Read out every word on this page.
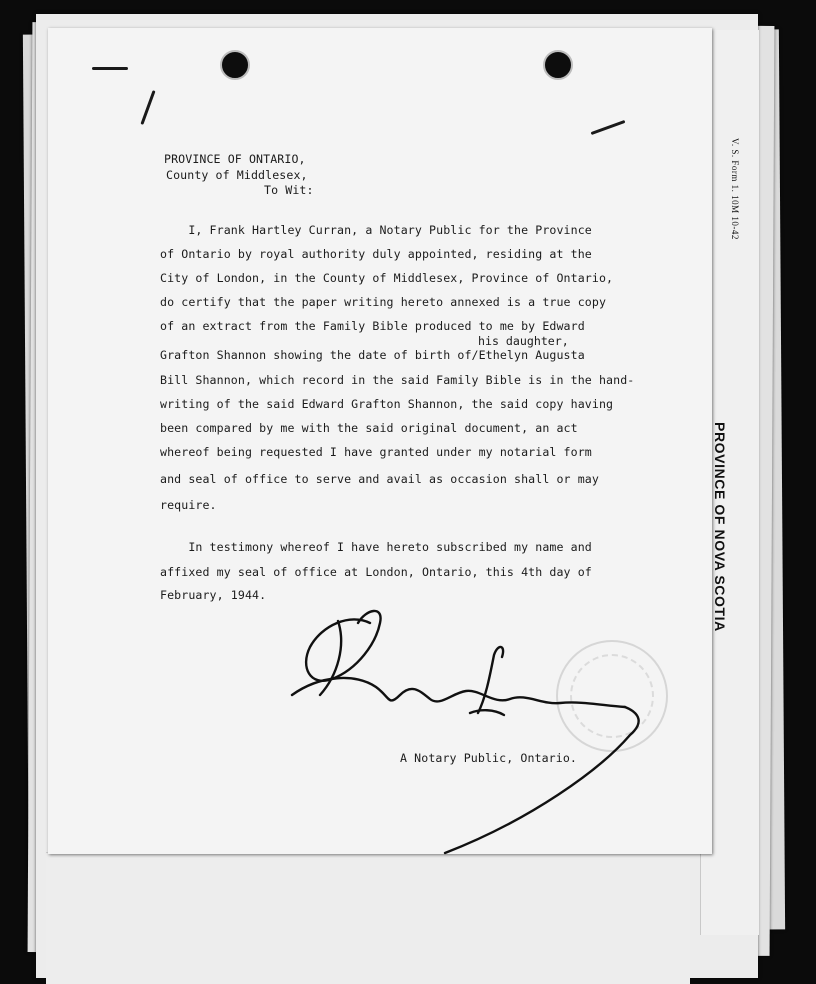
V. S. Form 1. 10M 10-42
PROVINCE OF NOVA SCOTIA
PROVINCE OF ONTARIO,
County of Middlesex,
To Wit:
I, Frank Hartley Curran, a Notary Public for the Province
of Ontario by royal authority duly appointed, residing at the
City of London, in the County of Middlesex, Province of Ontario,
do certify that the paper writing hereto annexed is a true copy
of an extract from the Family Bible produced to me by Edward
his daughter,
Grafton Shannon showing the date of birth of/Ethelyn Augusta
Bill Shannon, which record in the said Family Bible is in the hand-
writing of the said Edward Grafton Shannon, the said copy having
been compared by me with the said original document, an act
whereof being requested I have granted under my notarial form
and seal of office to serve and avail as occasion shall or may
require.
In testimony whereof I have hereto subscribed my name and
affixed my seal of office at London, Ontario, this 4th day of
February, 1944.
A Notary Public, Ontario.
